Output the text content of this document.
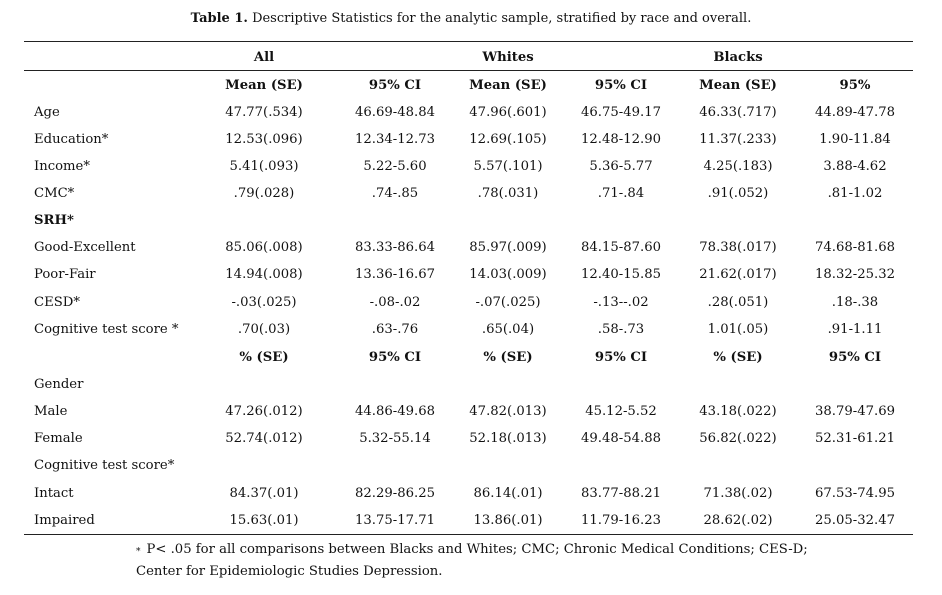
Table 1. Descriptive Statistics for the analytic sample, stratified by race and overall.
All	Whites	Blacks
Mean (SE)	95% CI	Mean (SE)	95% CI	Mean (SE)	95%
Age	47.77(.534)	46.69-48.84	47.96(.601)	46.75-49.17	46.33(.717)	44.89-47.78
Education*	12.53(.096)	12.34-12.73	12.69(.105)	12.48-12.90	11.37(.233)	1.90-11.84
Income*	5.41(.093)	5.22-5.60	5.57(.101)	5.36-5.77	4.25(.183)	3.88-4.62
CMC*	.79(.028)	.74-.85	.78(.031)	.71-.84	.91(.052)	.81-1.02
SRH*
Good-Excellent	85.06(.008)	83.33-86.64	85.97(.009)	84.15-87.60	78.38(.017)	74.68-81.68
Poor-Fair	14.94(.008)	13.36-16.67	14.03(.009)	12.40-15.85	21.62(.017)	18.32-25.32
CESD*	-.03(.025)	-.08-.02	-.07(.025)	-.13--.02	.28(.051)	.18-.38
Cognitive test score *	.70(.03)	.63-.76	.65(.04)	.58-.73	1.01(.05)	.91-1.11
% (SE)	95% CI	% (SE)	95% CI	% (SE)	95% CI
Gender
Male	47.26(.012)	44.86-49.68	47.82(.013)	45.12-5.52	43.18(.022)	38.79-47.69
Female	52.74(.012)	5.32-55.14	52.18(.013)	49.48-54.88	56.82(.022)	52.31-61.21
Cognitive test score*
Intact	84.37(.01)	82.29-86.25	86.14(.01)	83.77-88.21	71.38(.02)	67.53-74.95
Impaired	15.63(.01)	13.75-17.71	13.86(.01)	11.79-16.23	28.62(.02)	25.05-32.47
* P< .05 for all comparisons between Blacks and Whites; CMC; Chronic Medical Conditions; CES-D;
Center for Epidemiologic Studies Depression.
